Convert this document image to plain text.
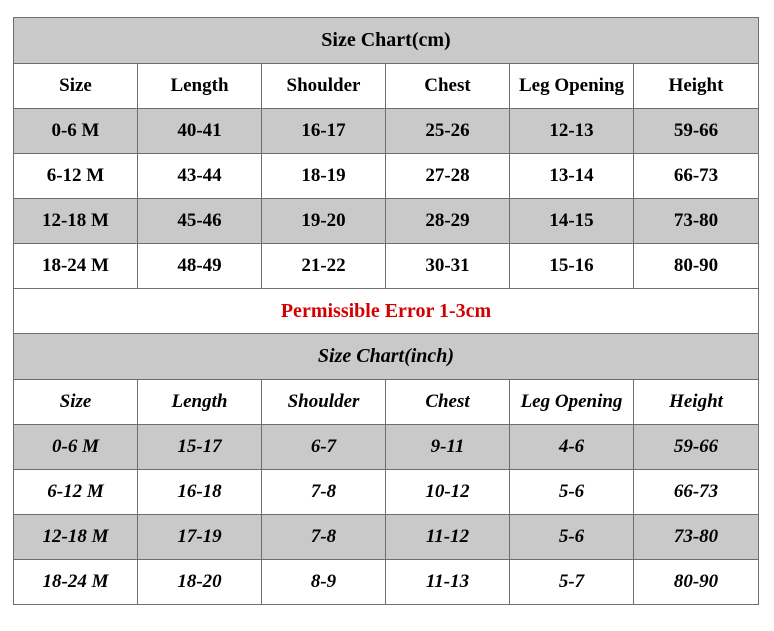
Size Chart(cm)					
Size	Length	Shoulder	Chest	Leg Opening	Height
0-6 M	40-41	16-17	25-26	12-13	59-66
6-12 M	43-44	18-19	27-28	13-14	66-73
12-18 M	45-46	19-20	28-29	14-15	73-80
18-24 M	48-49	21-22	30-31	15-16	80-90
Permissible Error 1-3cm					
Size Chart(inch)					
Size	Length	Shoulder	Chest	Leg Opening	Height
0-6 M	15-17	6-7	9-11	4-6	59-66
6-12 M	16-18	7-8	10-12	5-6	66-73
12-18 M	17-19	7-8	11-12	5-6	73-80
18-24 M	18-20	8-9	11-13	5-7	80-90
